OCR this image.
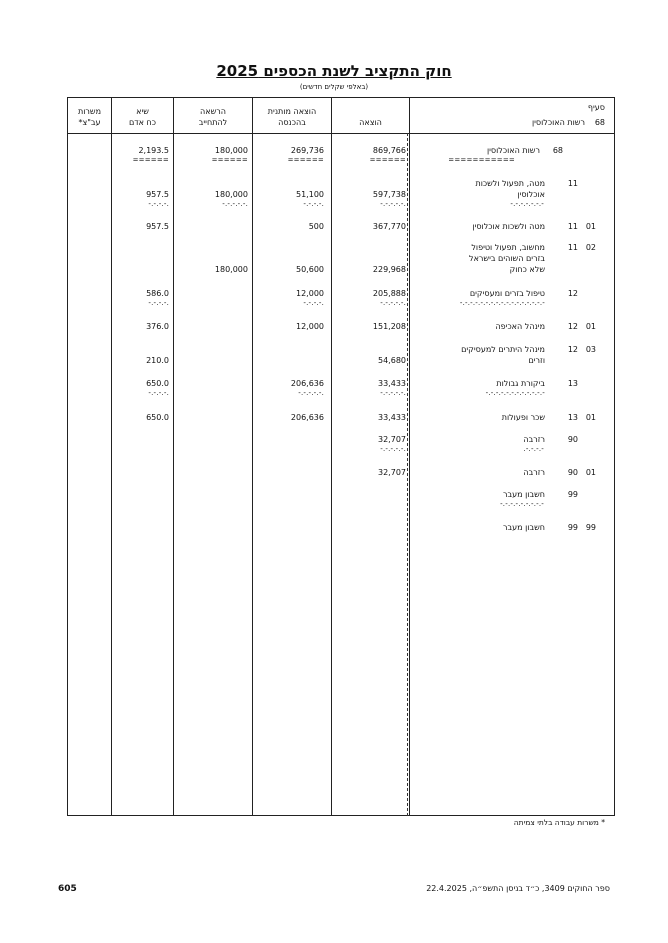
חוק התקציב לשנת הכספים 2025
(באלפי שקלים חדשים)
סעיף
רשות האוכלוסין	68
הוצאה
הוצאה מותנית
בהכנסה
הרשאה
להתחייב
שיא
כח אדם
משרות
עב"צ*
68
רשות האוכלוסין
===========
869,766
======
269,736
======
180,000
======
2,193.5
======
11
מטה, תפעול ולשכות
אוכלוסין
-.-.-.-.-.-.-
597,738
-.-.-.-.-.
51,100
-.-.-.-.
180,000
-.-.-.-.-.
957.5
-.-.-.-.
01
11
מטה ולשכות אוכלוסין
367,770
500
957.5
02
11
מחשוב, תפעול וטיפול
בזרים השוהים בישראל
שלא כחוק
229,968
50,600
180,000
12
טיפול בזרים ומעסיקים
-.-.-.-.-.-.-.-.-.-.-.-.-.-.-.-.-
205,888
-.-.-.-.-.
12,000
-.-.-.-.
586.0
-.-.-.-.
01
12
מינהל האכיפה
151,208
12,000
376.0
03
12
מינהל היתרים למעסיקים
וזרים
54,680
210.0
13
ביקורת גבולות
-.-.-.-.-.-.-.-.-.-.-.-
33,433
-.-.-.-.-.
206,636
-.-.-.-.-.
650.0
-.-.-.-.
01
13
שכר ופעולות
33,433
206,636
650.0
90
רזרבה
.-.-.-.-
32,707
-.-.-.-.-.
01
90
רזרבה
32,707
99
חשבון מעבר
-.-.-.-.-.-.-.-.-
99
99
חשבון מעבר
* משרות עבודה בלתי צמיתה
ספר החוקים 3409, כ״ד בניסן התשפ״ה, 22.4.2025
605
